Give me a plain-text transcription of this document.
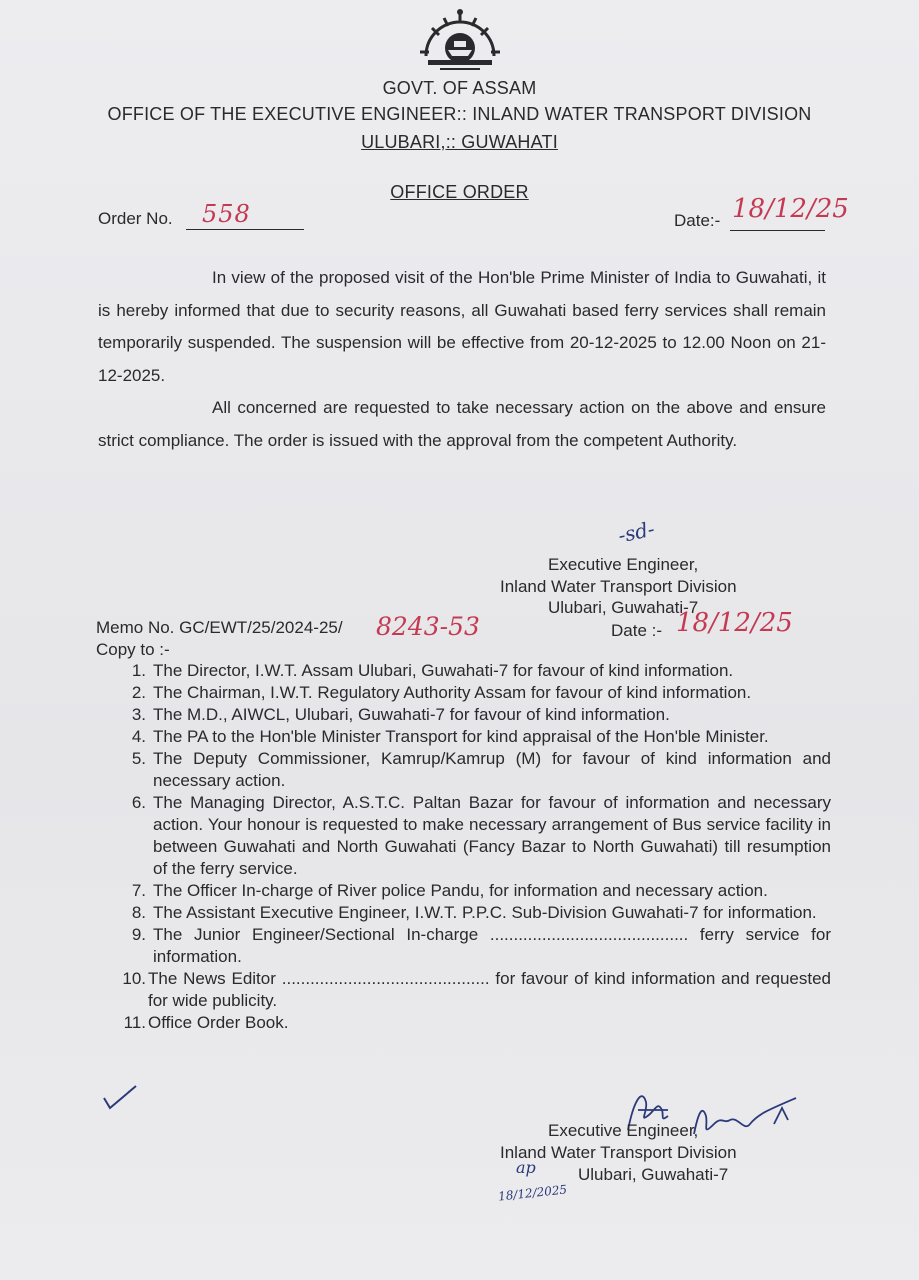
GOVT. OF ASSAM
OFFICE OF THE EXECUTIVE ENGINEER:: INLAND WATER TRANSPORT DIVISION
ULUBARI,:: GUWAHATI
OFFICE ORDER
Order No. 558	Date:- 18/12/25
In view of the proposed visit of the Hon'ble Prime Minister of India to Guwahati, it is hereby informed that due to security reasons, all Guwahati based ferry services shall remain temporarily suspended. The suspension will be effective from 20-12-2025 to 12.00 Noon on 21-12-2025.
All concerned are requested to take necessary action on the above and ensure strict compliance. The order is issued with the approval from the competent Authority.
-sd-
Executive Engineer,
Inland Water Transport Division
Ulubari, Guwahati-7
Memo No. GC/EWT/25/2024-25/ 8243-53	Date :- 18/12/25
Copy to :-
1. The Director, I.W.T. Assam Ulubari, Guwahati-7 for favour of kind information.
2. The Chairman, I.W.T. Regulatory Authority Assam for favour of kind information.
3. The M.D., AIWCL, Ulubari, Guwahati-7 for favour of kind information.
4. The PA to the Hon'ble Minister Transport for kind appraisal of the Hon'ble Minister.
5. The Deputy Commissioner, Kamrup/Kamrup (M) for favour of kind information and necessary action.
6. The Managing Director, A.S.T.C. Paltan Bazar for favour of information and necessary action. Your honour is requested to make necessary arrangement of Bus service facility in between Guwahati and North Guwahati (Fancy Bazar to North Guwahati) till resumption of the ferry service.
7. The Officer In-charge of River police Pandu, for information and necessary action.
8. The Assistant Executive Engineer, I.W.T. P.P.C. Sub-Division Guwahati-7 for information.
9. The Junior Engineer/Sectional In-charge .......................................... ferry service for information.
10. The News Editor ............................................ for favour of kind information and requested for wide publicity.
11. Office Order Book.
Executive Engineer,
Inland Water Transport Division
Ulubari, Guwahati-7
ap
18/12/2025
